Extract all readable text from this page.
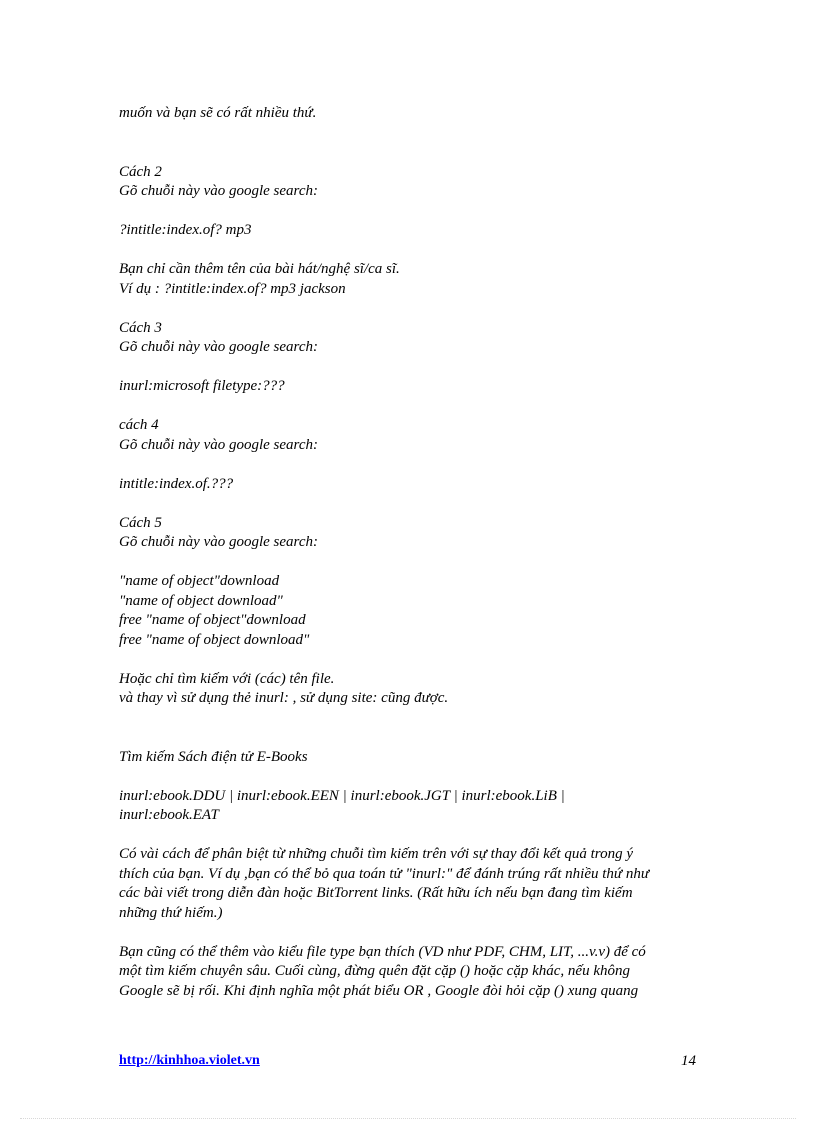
muốn và bạn sẽ có rất nhiều thứ.
Cách 2
Gõ chuỗi này vào google search:
?intitle:index.of? mp3
Bạn chỉ cần thêm tên của bài hát/nghệ sĩ/ca sĩ.
Ví dụ : ?intitle:index.of? mp3 jackson
Cách 3
Gõ chuỗi này vào google search:
inurl:microsoft filetype:???
cách 4
Gõ chuỗi này vào google search:
intitle:index.of.???
Cách 5
Gõ chuỗi này vào google search:
"name of object"download
"name of object download"
free "name of object"download
free "name of object download"
Hoặc chỉ tìm kiếm với (các) tên file.
và thay vì sử dụng thẻ inurl: , sử dụng site: cũng được.
Tìm kiếm Sách điện tử E-Books
inurl:ebook.DDU | inurl:ebook.EEN | inurl:ebook.JGT | inurl:ebook.LiB |
inurl:ebook.EAT
Có vài cách để phân biệt từ những chuỗi tìm kiếm trên với sự thay đổi kết quả trong ý
thích của bạn. Ví dụ ,bạn có thể bỏ qua toán tử "inurl:" để đánh trúng rất nhiều thứ như
các bài viết trong diễn đàn hoặc BitTorrent links. (Rất hữu ích nếu bạn đang tìm kiếm
những thứ hiếm.)
Bạn cũng có thể thêm vào kiểu file type bạn thích (VD như PDF, CHM, LIT, ...v.v) để có
một tìm kiếm chuyên sâu. Cuối cùng, đừng quên đặt cặp () hoặc cặp khác, nếu không
Google sẽ bị rối. Khi định nghĩa một phát biểu OR , Google đòi hỏi cặp () xung quang
http://kinhhoa.violet.vn	14
